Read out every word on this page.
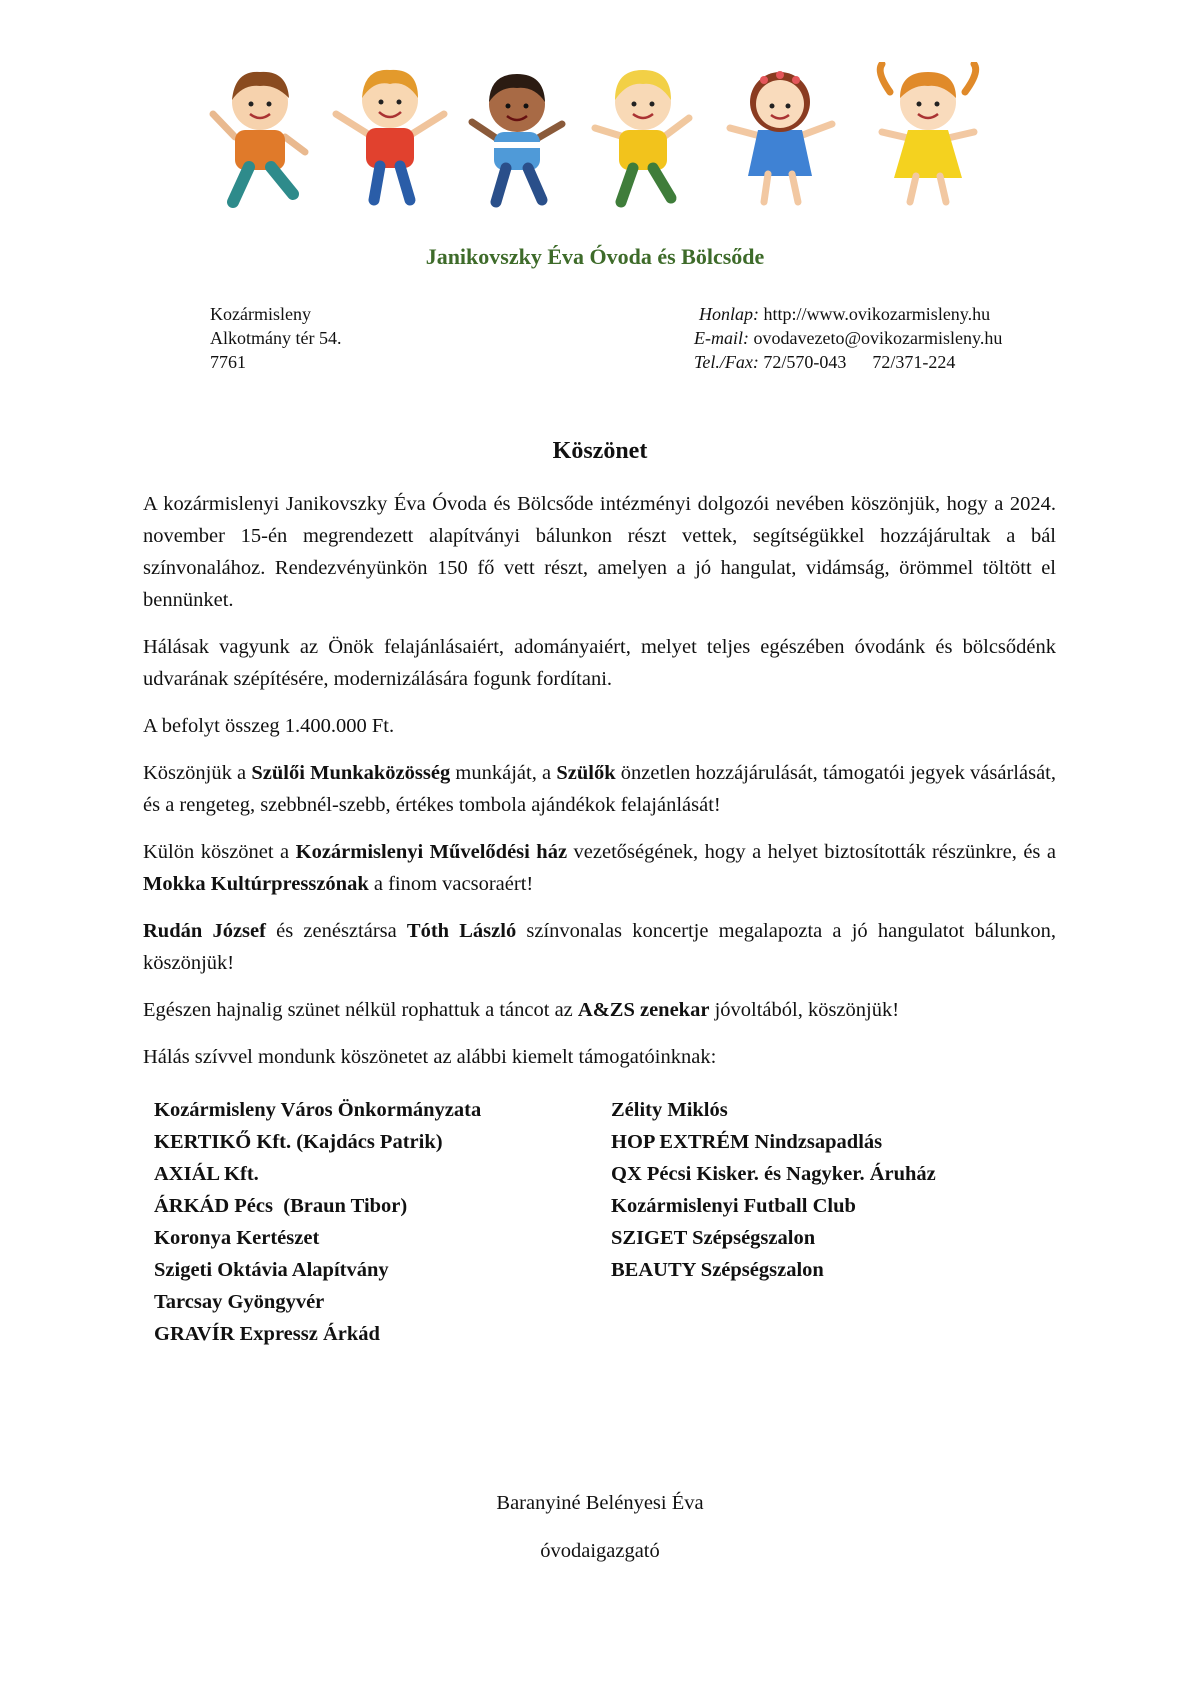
Janikovszky Éva Óvoda és Bölcsőde
Kozármisleny
Alkotmány tér 54.
7761
Honlap: http://www.ovikozarmisleny.hu
E-mail: ovodavezeto@ovikozarmisleny.hu
Tel./Fax: 72/570-043 72/371-224
Köszönet

A kozármislenyi Janikovszky Éva Óvoda és Bölcsőde intézményi dolgozói nevében köszönjük, hogy a 2024. november 15-én megrendezett alapítványi bálunkon részt vettek, segítségükkel hozzájárultak a bál színvonalához. Rendezvényünkön 150 fő vett részt, amelyen a jó hangulat, vidámság, örömmel töltött el bennünket.

Hálásak vagyunk az Önök felajánlásaiért, adományaiért, melyet teljes egészében óvodánk és bölcsődénk udvarának szépítésére, modernizálására fogunk fordítani.

A befolyt összeg 1.400.000 Ft.

Köszönjük a Szülői Munkaközösség munkáját, a Szülők önzetlen hozzájárulását, támogatói jegyek vásárlását, és a rengeteg, szebbnél-szebb, értékes tombola ajándékok felajánlását!

Külön köszönet a Kozármislenyi Művelődési ház vezetőségének, hogy a helyet biztosították részünkre, és a Mokka Kultúrpresszónak a finom vacsoraért!

Rudán József és zenésztársa Tóth László színvonalas koncertje megalapozta a jó hangulatot bálunkon, köszönjük!

Egészen hajnalig szünet nélkül rophattuk a táncot az A&ZS zenekar jóvoltából, köszönjük!

Hálás szívvel mondunk köszönetet az alábbi kiemelt támogatóinknak:

Kozármisleny Város Önkormányzata
KERTIKŐ Kft. (Kajdács Patrik)
AXIÁL Kft.
ÁRKÁD Pécs  (Braun Tibor)
Koronya Kertészet
Szigeti Oktávia Alapítvány
Tarcsay Gyöngyvér
GRAVÍR Expressz Árkád
Zélity Miklós
HOP EXTRÉM Nindzsapadlás
QX Pécsi Kisker. és Nagyker. Áruház
Kozármislenyi Futball Club
SZIGET Szépségszalon
BEAUTY Szépségszalon
Baranyiné Belényesi Éva
óvodaigazgató
